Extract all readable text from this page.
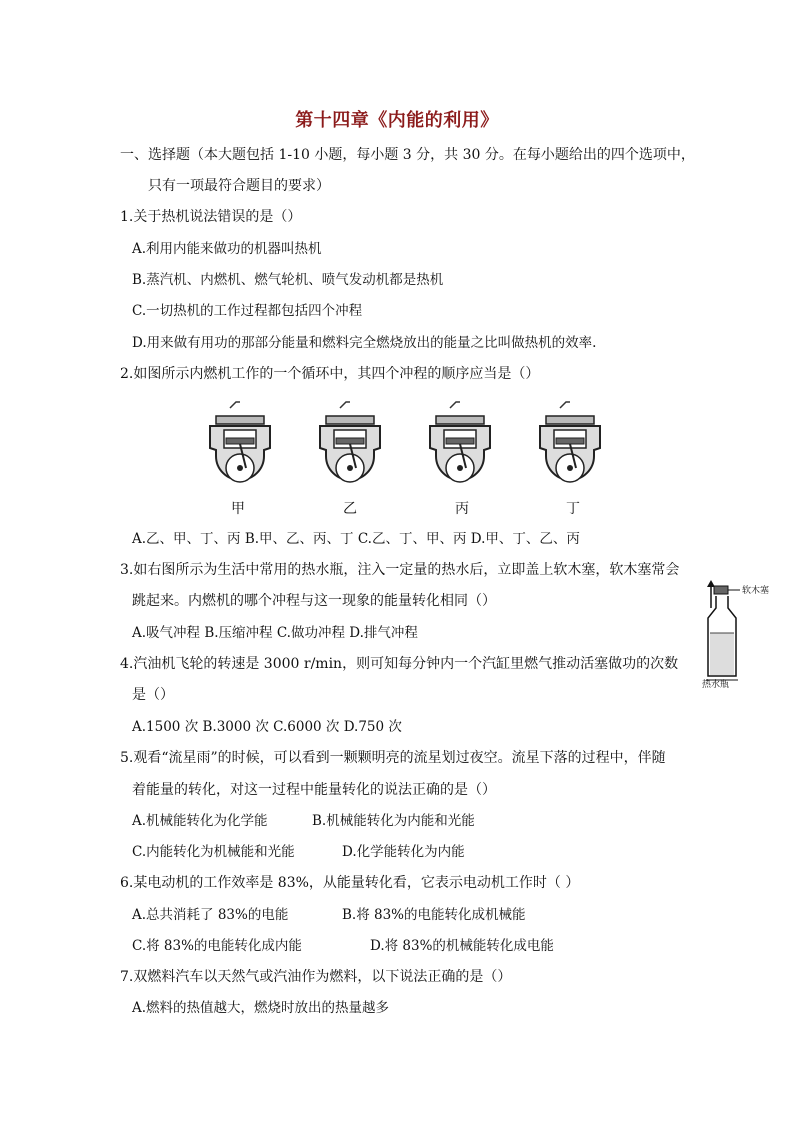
第十四章《内能的利用》
一、选择题（本大题包括 1-10 小题，每小题 3 分，共 30 分。在每小题给出的四个选项中，
只有一项最符合题目的要求）
1.关于热机说法错误的是（）
A.利用内能来做功的机器叫热机
B.蒸汽机、内燃机、燃气轮机、喷气发动机都是热机
C.一切热机的工作过程都包括四个冲程
D.用来做有用功的那部分能量和燃料完全燃烧放出的能量之比叫做热机的效率.
2.如图所示内燃机工作的一个循环中，其四个冲程的顺序应当是（）
甲	乙	丙	丁
A.乙、甲、丁、丙 B.甲、乙、丙、丁 C.乙、丁、甲、丙 D.甲、丁、乙、丙
3.如右图所示为生活中常用的热水瓶，注入一定量的热水后，立即盖上软木塞，软木塞常会
跳起来。内燃机的哪个冲程与这一现象的能量转化相同（）
A.吸气冲程 B.压缩冲程 C.做功冲程 D.排气冲程
软木塞
热水瓶
4.汽油机飞轮的转速是 3000 r/min，则可知每分钟内一个汽缸里燃气推动活塞做功的次数
是（）
A.1500 次 B.3000 次 C.6000 次 D.750 次
5.观看“流星雨”的时候，可以看到一颗颗明亮的流星划过夜空。流星下落的过程中，伴随
着能量的转化，对这一过程中能量转化的说法正确的是（）
A.机械能转化为化学能	B.机械能转化为内能和光能
C.内能转化为机械能和光能	D.化学能转化为内能
6.某电动机的工作效率是 83%，从能量转化看，它表示电动机工作时（ ）
A.总共消耗了 83%的电能	B.将 83%的电能转化成机械能
C.将 83%的电能转化成内能	D.将 83%的机械能转化成电能
7.双燃料汽车以天然气或汽油作为燃料，以下说法正确的是（）
A.燃料的热值越大，燃烧时放出的热量越多
